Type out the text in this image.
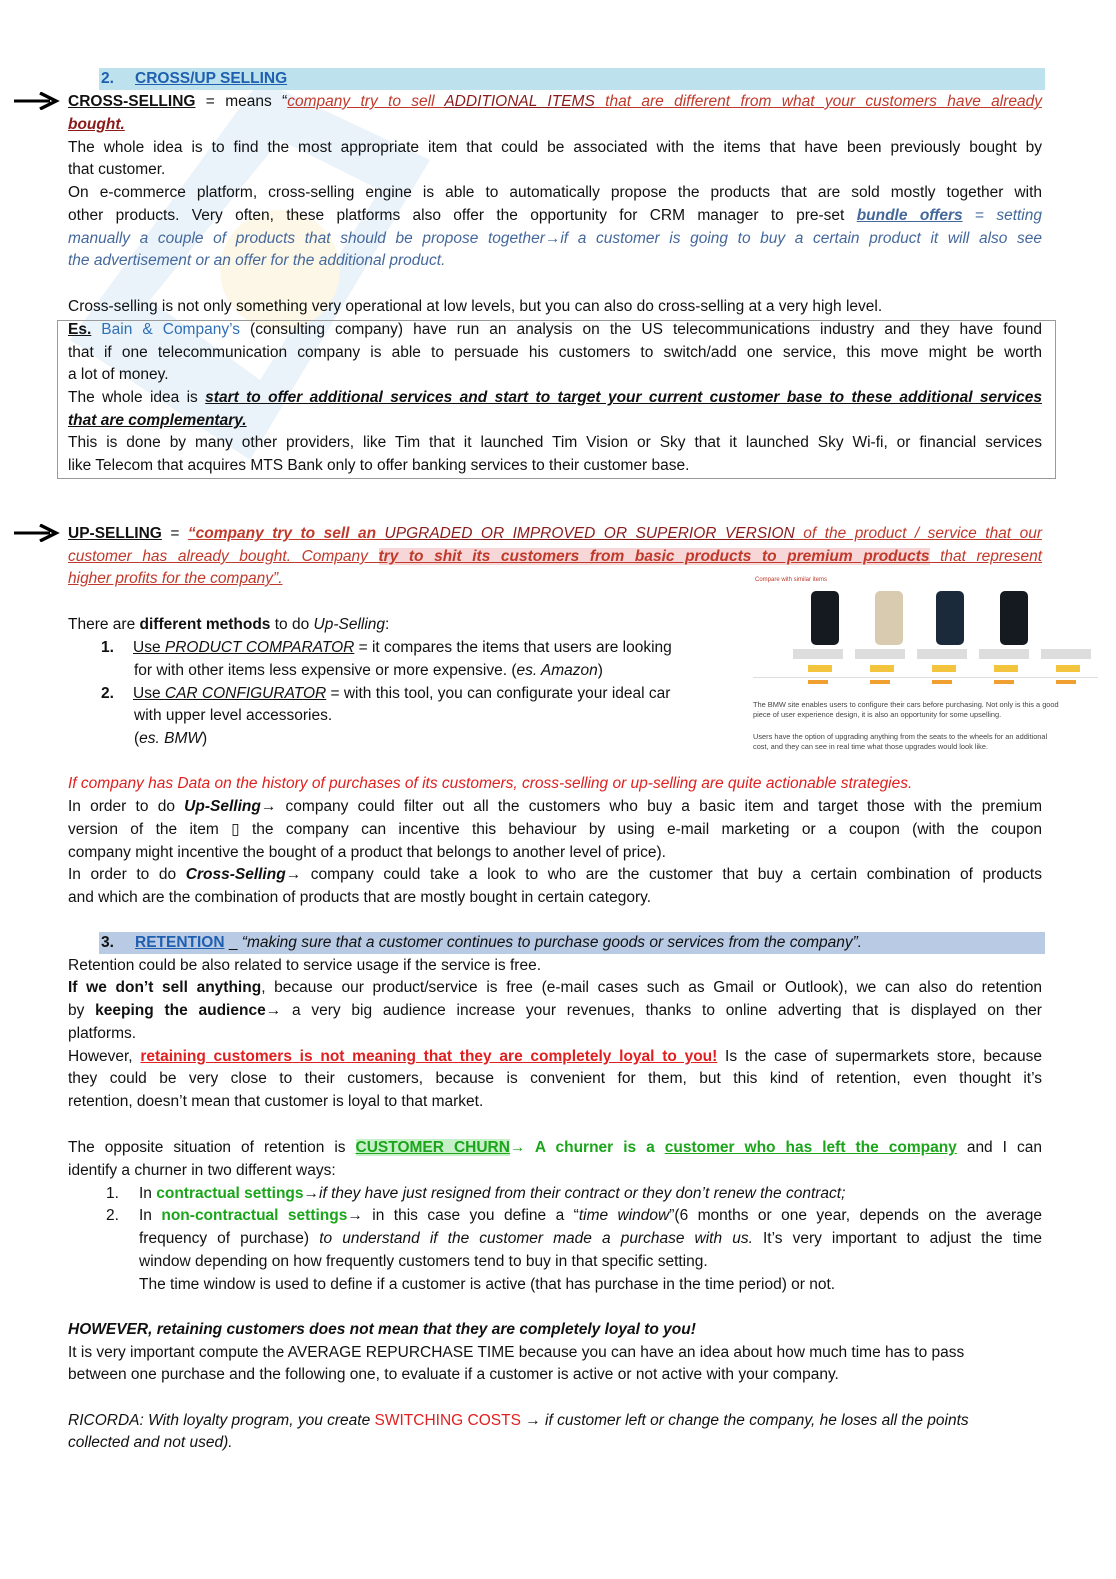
2. CROSS/UP SELLING
CROSS-SELLING = means “company try to sell ADDITIONAL ITEMS that are different from what your customers have already
bought.
The whole idea is to find the most appropriate item that could be associated with the items that have been previously bought by
that customer.
On e-commerce platform, cross-selling engine is able to automatically propose the products that are sold mostly together with
other products. Very often, these platforms also offer the opportunity for CRM manager to pre-set bundle offers = setting
manually a couple of products that should be propose together→if a customer is going to buy a certain product it will also see
the advertisement or an offer for the additional product.
Cross-selling is not only something very operational at low levels, but you can also do cross-selling at a very high level.
Es. Bain & Company’s (consulting company) have run an analysis on the US telecommunications industry and they have found
that if one telecommunication company is able to persuade his customers to switch/add one service, this move might be worth
a lot of money.
The whole idea is start to offer additional services and start to target your current customer base to these additional services
that are complementary.
This is done by many other providers, like Tim that it launched Tim Vision or Sky that it launched Sky Wi-fi, or financial services
like Telecom that acquires MTS Bank only to offer banking services to their customer base.
UP-SELLING = “company try to sell an UPGRADED OR IMPROVED OR SUPERIOR VERSION of the product / service that our
customer has already bought. Company try to shit its customers from basic products to premium products that represent
higher profits for the company”.
There are different methods to do Up-Selling:
1. Use PRODUCT COMPARATOR = it compares the items that users are looking
for with other items less expensive or more expensive. (es. Amazon)
2. Use CAR CONFIGURATOR = with this tool, you can configurate your ideal car
with upper level accessories.
(es. BMW)
Compare with similar items
The BMW site enables users to configure their cars before purchasing. Not only is this a good
piece of user experience design, it is also an opportunity for some upselling.
Users have the option of upgrading anything from the seats to the wheels for an additional
cost, and they can see in real time what those upgrades would look like.
If company has Data on the history of purchases of its customers, cross-selling or up-selling are quite actionable strategies.
In order to do Up-Selling→ company could filter out all the customers who buy a basic item and target those with the premium
version of the item ▯ the company can incentive this behaviour by using e-mail marketing or a coupon (with the coupon
company might incentive the bought of a product that belongs to another level of price).
In order to do Cross-Selling→ company could take a look to who are the customer that buy a certain combination of products
and which are the combination of products that are mostly bought in certain category.
3. RETENTION _ “making sure that a customer continues to purchase goods or services from the company”.
Retention could be also related to service usage if the service is free.
If we don’t sell anything, because our product/service is free (e-mail cases such as Gmail or Outlook), we can also do retention
by keeping the audience→ a very big audience increase your revenues, thanks to online adverting that is displayed on ther
platforms.
However, retaining customers is not meaning that they are completely loyal to you! Is the case of supermarkets store, because
they could be very close to their customers, because is convenient for them, but this kind of retention, even thought it’s
retention, doesn’t mean that customer is loyal to that market.
The opposite situation of retention is CUSTOMER CHURN→ A churner is a customer who has left the company and I can
identify a churner in two different ways:
1. In contractual settings→if they have just resigned from their contract or they don’t renew the contract;
2. In non-contractual settings→ in this case you define a “time window”(6 months or one year, depends on the average
frequency of purchase) to understand if the customer made a purchase with us. It’s very important to adjust the time
window depending on how frequently customers tend to buy in that specific setting.
The time window is used to define if a customer is active (that has purchase in the time period) or not.
HOWEVER, retaining customers does not mean that they are completely loyal to you!
It is very important compute the AVERAGE REPURCHASE TIME because you can have an idea about how much time has to pass
between one purchase and the following one, to evaluate if a customer is active or not active with your company.
RICORDA: With loyalty program, you create SWITCHING COSTS → if customer left or change the company, he loses all the points
collected and not used).
